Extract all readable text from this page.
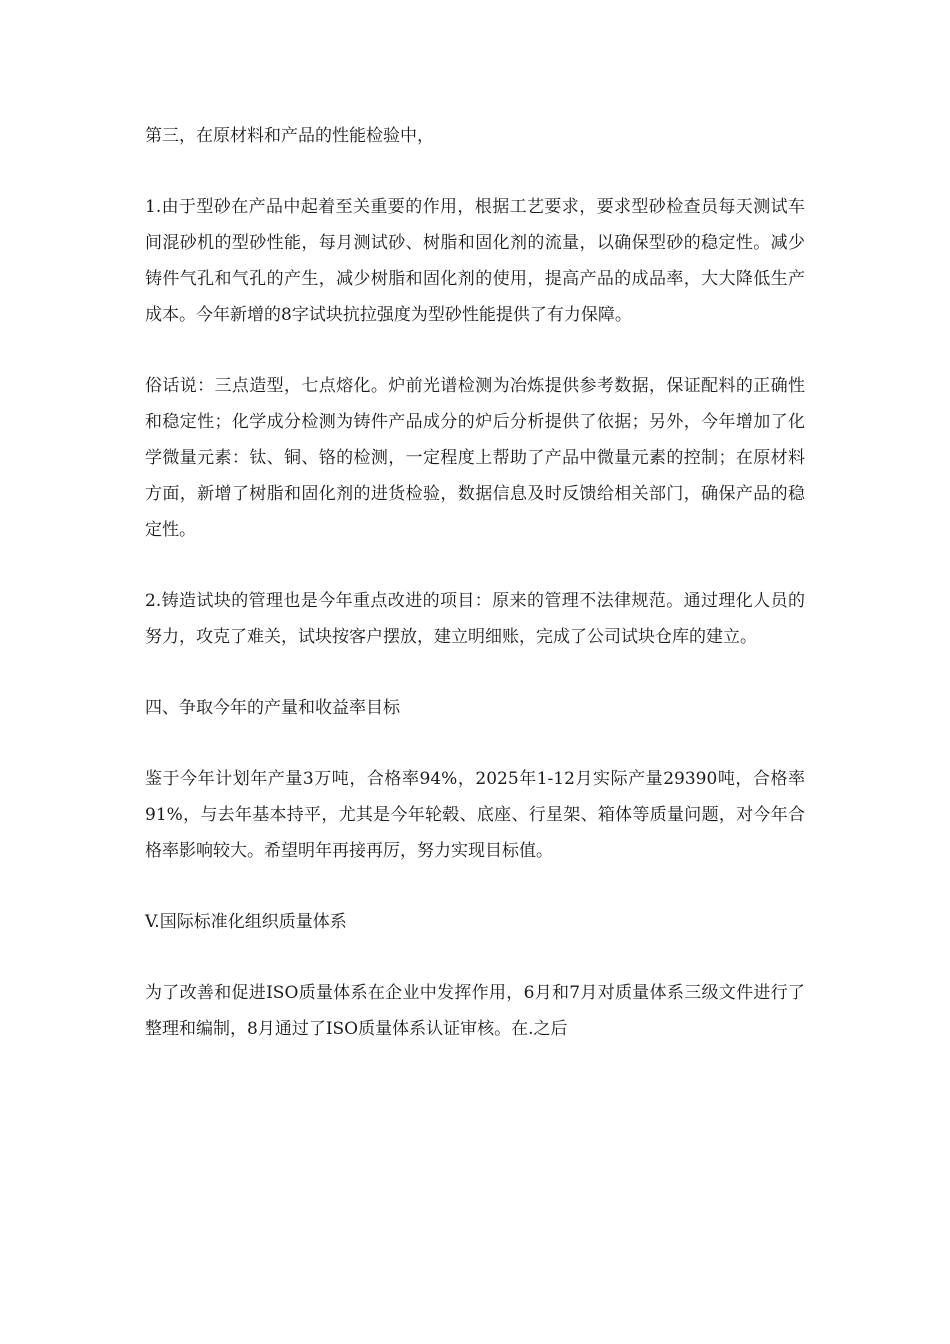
第三，在原材料和产品的性能检验中，

1.由于型砂在产品中起着至关重要的作用，根据工艺要求，要求型砂检查员每天测试车间混砂机的型砂性能，每月测试砂、树脂和固化剂的流量，以确保型砂的稳定性。减少铸件气孔和气孔的产生，减少树脂和固化剂的使用，提高产品的成品率，大大降低生产成本。今年新增的8字试块抗拉强度为型砂性能提供了有力保障。

俗话说：三点造型，七点熔化。炉前光谱检测为冶炼提供参考数据，保证配料的正确性和稳定性；化学成分检测为铸件产品成分的炉后分析提供了依据；另外，今年增加了化学微量元素：钛、铜、铬的检测，一定程度上帮助了产品中微量元素的控制；在原材料方面，新增了树脂和固化剂的进货检验，数据信息及时反馈给相关部门，确保产品的稳定性。

2.铸造试块的管理也是今年重点改进的项目：原来的管理不法律规范。通过理化人员的努力，攻克了难关，试块按客户摆放，建立明细账，完成了公司试块仓库的建立。

四、争取今年的产量和收益率目标

鉴于今年计划年产量3万吨，合格率94%，2025年1-12月实际产量29390吨，合格率91%，与去年基本持平，尤其是今年轮毂、底座、行星架、箱体等质量问题，对今年合格率影响较大。希望明年再接再厉，努力实现目标值。

V.国际标准化组织质量体系

为了改善和促进ISO质量体系在企业中发挥作用，6月和7月对质量体系三级文件进行了整理和编制，8月通过了ISO质量体系认证审核。在.之后
